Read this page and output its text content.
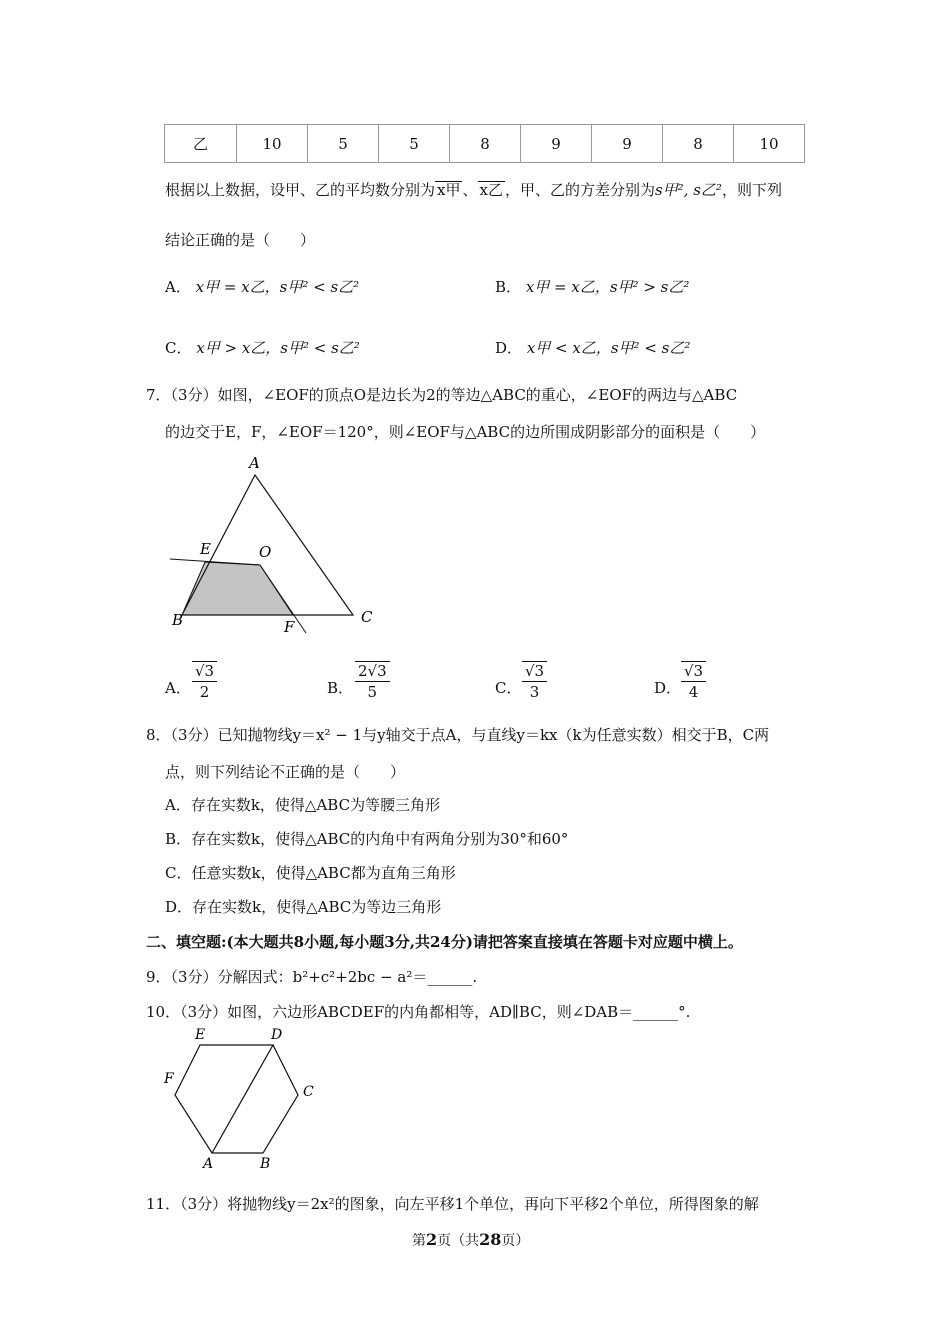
乙	10	5	5	8	9	9	8	10
根据以上数据，设甲、乙的平均数分别为 x甲 、 x乙 ，甲、乙的方差分别为s甲², s乙²，则下列
结论正确的是（　　）
A． x甲 = x乙，s甲² < s乙²	B． x甲 = x乙，s甲² > s乙²
C． x甲 > x乙，s甲² < s乙²	D． x甲 < x乙，s甲² < s乙²
7．（3分）如图，∠EOF的顶点O是边长为2的等边△ABC的重心，∠EOF的两边与△ABC
的边交于E，F，∠EOF＝120°，则∠EOF与△ABC的边所围成阴影部分的面积是（　　）
A
B	C
E
F
O
A． $\frac{√3}{2}$	B． $\frac{2√3}{5}$	C． $\frac{√3}{3}$	D． $\frac{√3}{4}$
8．（3分）已知抛物线y＝x² − 1与y轴交于点A，与直线y＝kx（k为任意实数）相交于B，C两
点，则下列结论不正确的是（　　）
A．存在实数k，使得△ABC为等腰三角形
B．存在实数k，使得△ABC的内角中有两角分别为30°和60°
C．任意实数k，使得△ABC都为直角三角形
D．存在实数k，使得△ABC为等边三角形
二、填空题:(本大题共8小题,每小题3分,共24分)请把答案直接填在答题卡对应题中横上。
9．（3分）分解因式：b²+c²+2bc − a²＝______.
10．（3分）如图，六边形ABCDEF的内角都相等，AD∥BC，则∠DAB＝______°.
A	B
C
D
E
F
11．（3分）将抛物线y＝2x²的图象，向左平移1个单位，再向下平移2个单位，所得图象的解
第2页（共28页）
